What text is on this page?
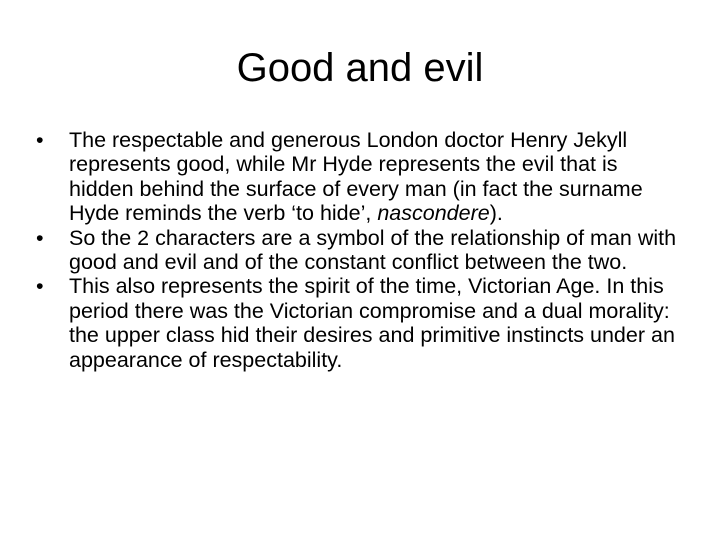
Good and evil
•	The respectable and generous London doctor Henry Jekyll represents good, while Mr Hyde represents the evil that is hidden behind the surface of every man (in fact the surname Hyde reminds the verb ‘to hide’, nascondere).
•	So the 2 characters are a symbol of the relationship of man with good and evil and of the constant conflict between the two.
•	This also represents the spirit of the time, Victorian Age. In this period there was the Victorian compromise and a dual morality: the upper class hid their desires and primitive instincts under an appearance of respectability.
